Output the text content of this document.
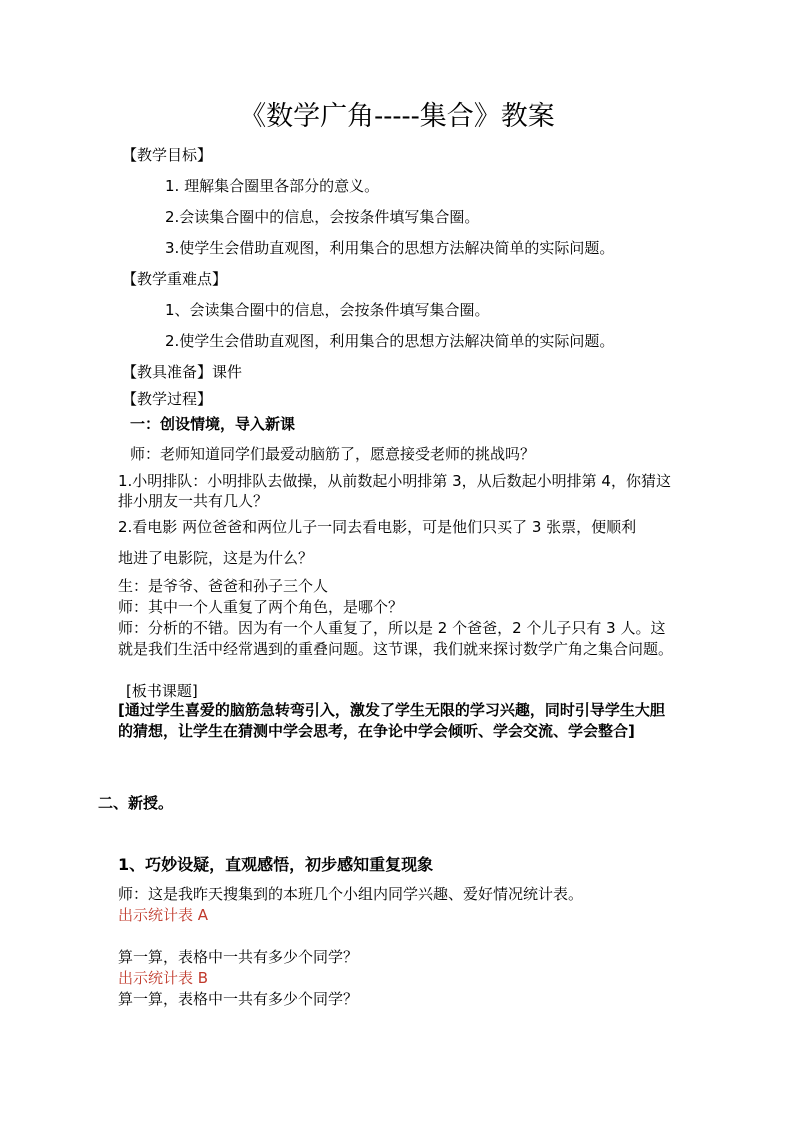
《数学广角-----集合》教案
【教学目标】
1. 理解集合圈里各部分的意义。
2.会读集合圈中的信息，会按条件填写集合圈。
3.使学生会借助直观图，利用集合的思想方法解决简单的实际问题。
【教学重难点】
1、会读集合圈中的信息，会按条件填写集合圈。
2.使学生会借助直观图，利用集合的思想方法解决简单的实际问题。
【教具准备】课件
【教学过程】
一：创设情境，导入新课
师：老师知道同学们最爱动脑筋了，愿意接受老师的挑战吗？
1.小明排队：小明排队去做操，从前数起小明排第 3，从后数起小明排第 4，你猜这排小朋友一共有几人？
2.看电影 两位爸爸和两位儿子一同去看电影，可是他们只买了 3 张票，便顺利
地进了电影院，这是为什么？
生：是爷爷、爸爸和孙子三个人
师：其中一个人重复了两个角色，是哪个？
师：分析的不错。因为有一个人重复了，所以是 2 个爸爸，2 个儿子只有 3 人。这就是我们生活中经常遇到的重叠问题。这节课，我们就来探讨数学广角之集合问题。
[板书课题]
[通过学生喜爱的脑筋急转弯引入，激发了学生无限的学习兴趣，同时引导学生大胆的猜想，让学生在猜测中学会思考，在争论中学会倾听、学会交流、学会整合]
二、新授。
1、巧妙设疑，直观感悟，初步感知重复现象
师：这是我昨天搜集到的本班几个小组内同学兴趣、爱好情况统计表。
出示统计表 A
算一算，表格中一共有多少个同学？
出示统计表 B
算一算，表格中一共有多少个同学？
